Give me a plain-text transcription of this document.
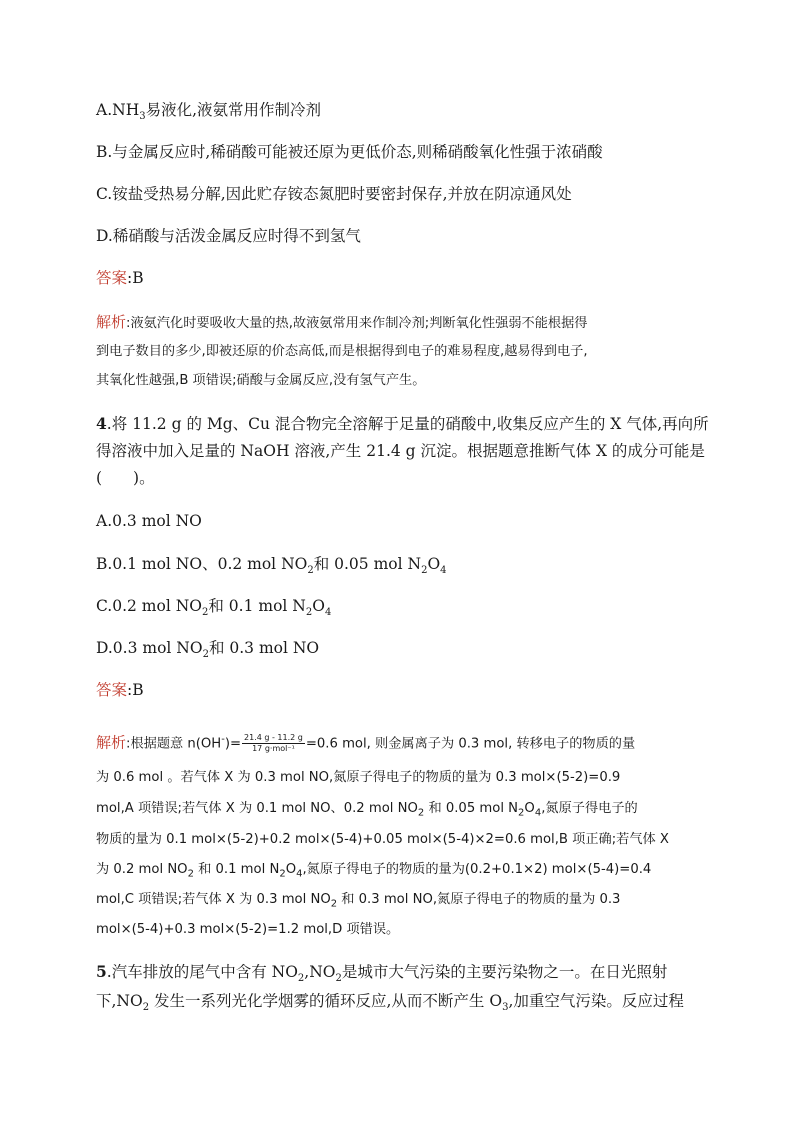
$A.NH_3$易液化,液氨常用作制冷剂
B.与金属反应时,稀硝酸可能被还原为更低价态,则稀硝酸氧化性强于浓硝酸
C.铵盐受热易分解,因此贮存铵态氮肥时要密封保存,并放在阴凉通风处
D.稀硝酸与活泼金属反应时得不到氢气
答案:B
解析:液氨汽化时要吸收大量的热,故液氨常用来作制冷剂;判断氧化性强弱不能根据得
到电子数目的多少,即被还原的价态高低,而是根据得到电子的难易程度,越易得到电子,
其氧化性越强,B 项错误;硝酸与金属反应,没有氢气产生。
4.将 11.2 g 的 Mg、Cu 混合物完全溶解于足量的硝酸中,收集反应产生的 X 气体,再向所
得溶液中加入足量的 NaOH 溶液,产生 21.4 g 沉淀。根据题意推断气体 X 的成分可能是
(　　)。
A.0.3 mol NO
B.0.1 mol NO、0.2 mol $NO_2$和 0.05 mol $N_2O_4$
C.0.2 mol $NO_2$和 0.1 mol $N_2O_4$
D.0.3 mol $NO_2$和 0.3 mol NO
答案:B
解析:根据题意 $n(OH^-)= \frac{21.4 g - 11.2 g}{\text{17 g·mol⁻¹}} =0.6$ mol, 则金属离子为 0.3 mol, 转移电子的物质的量
为 0.6 mol 。若气体 X 为 0.3 mol NO,氮原子得电子的物质的量为 0.3 mol×(5-2)=0.9
mol,A 项错误;若气体 X 为 0.1 mol NO、0.2 mol $NO_2$ 和 0.05 mol $N_2O_4$,氮原子得电子的
物质的量为 0.1 mol×(5-2)+0.2 mol×(5-4)+0.05 mol×(5-4)×2=0.6 mol,B 项正确;若气体 X
为 0.2 mol $NO_2$ 和 0.1 mol $N_2O_4$,氮原子得电子的物质的量为(0.2+0.1×2) mol×(5-4)=0.4
mol,C 项错误;若气体 X 为 0.3 mol $NO_2$ 和 0.3 mol NO,氮原子得电子的物质的量为 0.3
mol×(5-4)+0.3 mol×(5-2)=1.2 mol,D 项错误。
5.汽车排放的尾气中含有 $NO_2,NO_2$是城市大气污染的主要污染物之一。在日光照射
下$,NO_2$ 发生一系列光化学烟雾的循环反应,从而不断产生 $O_3$,加重空气污染。反应过程
